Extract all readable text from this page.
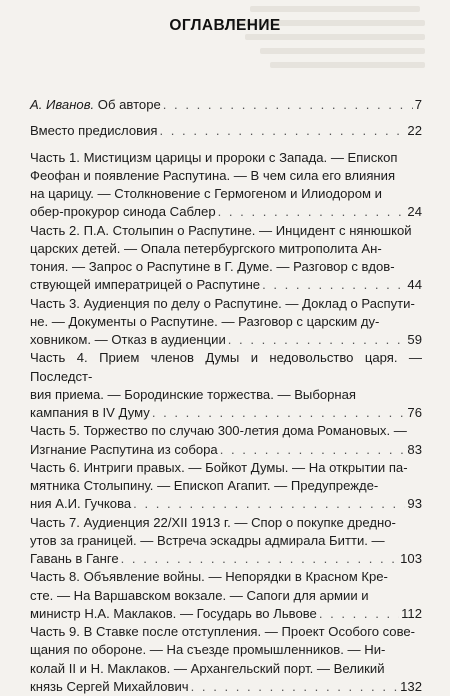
ОГЛАВЛЕНИЕ
А. Иванов. Об авторе . . .	7
Вместо предисловия . . .	22
Часть 1. Мистицизм царицы и пророки с Запада. — Епископ
Феофан и появление Распутина. — В чем сила его влияния
на царицу. — Столкновение с Гермогеном и Илиодором и
обер-прокурор синода Саблер . . .	24
Часть 2. П.А. Столыпин о Распутине. — Инцидент с нянюшкой
царских детей. — Опала петербургского митрополита Ан-
тония. — Запрос о Распутине в Г. Думе. — Разговор с вдов-
ствующей императрицей о Распутине . . .	44
Часть 3. Аудиенция по делу о Распутине. — Доклад о Распути-
не. — Документы о Распутине. — Разговор с царским ду-
ховником. — Отказ в аудиенции . . .	59
Часть 4. Прием членов Думы и недовольство царя. — Последст-
вия приема. — Бородинские торжества. — Выборная
кампания в IV Думу . . .	76
Часть 5. Торжество по случаю 300-летия дома Романовых. —
Изгнание Распутина из собора . . .	83
Часть 6. Интриги правых. — Бойкот Думы. — На открытии па-
мятника Столыпину. — Епископ Агапит. — Предупрежде-
ния А.И. Гучкова . . .	93
Часть 7. Аудиенция 22/XII 1913 г. — Спор о покупке дредно-
утов за границей. — Встреча эскадры адмирала Битти. —
Гавань в Ганге . . .	103
Часть 8. Объявление войны. — Непорядки в Красном Кре-
сте. — На Варшавском вокзале. — Сапоги для армии и
министр Н.А. Маклаков. — Государь во Львове . . .	112
Часть 9. В Ставке после отступления. — Проект Особого сове-
щания по обороне. — На съезде промышленников. — Ни-
колай II и Н. Маклаков. — Архангельский порт. — Великий
князь Сергей Михайлович . . .	132
